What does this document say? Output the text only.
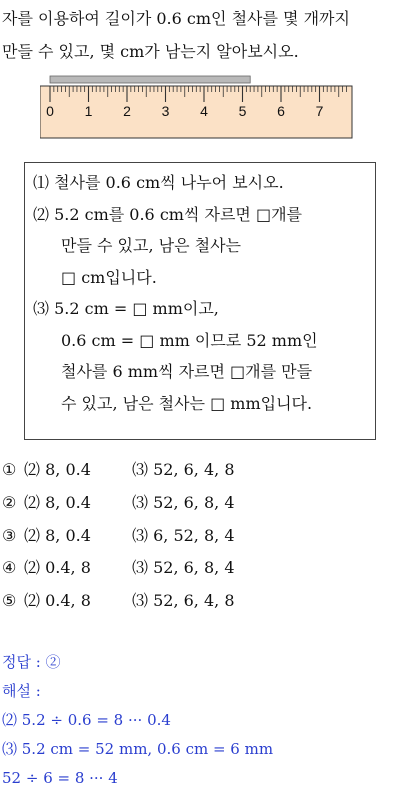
자를 이용하여 길이가 0.6 cm인 철사를 몇 개까지
만들 수 있고, 몇 cm가 남는지 알아보시오.
0 1 2 3 4 5 6 7
⑴ 철사를 0.6 cm씩 나누어 보시오.
⑵ 5.2 cm를 0.6 cm씩 자르면 □개를
만들 수 있고, 남은 철사는
□ cm입니다.
⑶ 5.2 cm = □ mm이고,
0.6 cm = □ mm 이므로 52 mm인
철사를 6 mm씩 자르면 □개를 만들
수 있고, 남은 철사는 □ mm입니다.
① ⑵ 8, 0.4	⑶ 52, 6, 4, 8
② ⑵ 8, 0.4	⑶ 52, 6, 8, 4
③ ⑵ 8, 0.4	⑶ 6, 52, 8, 4
④ ⑵ 0.4, 8	⑶ 52, 6, 8, 4
⑤ ⑵ 0.4, 8	⑶ 52, 6, 4, 8
정답 : ②
해설 :
⑵ 5.2 ÷ 0.6 = 8 ··· 0.4
⑶ 5.2 cm = 52 mm, 0.6 cm = 6 mm
52 ÷ 6 = 8 ··· 4
